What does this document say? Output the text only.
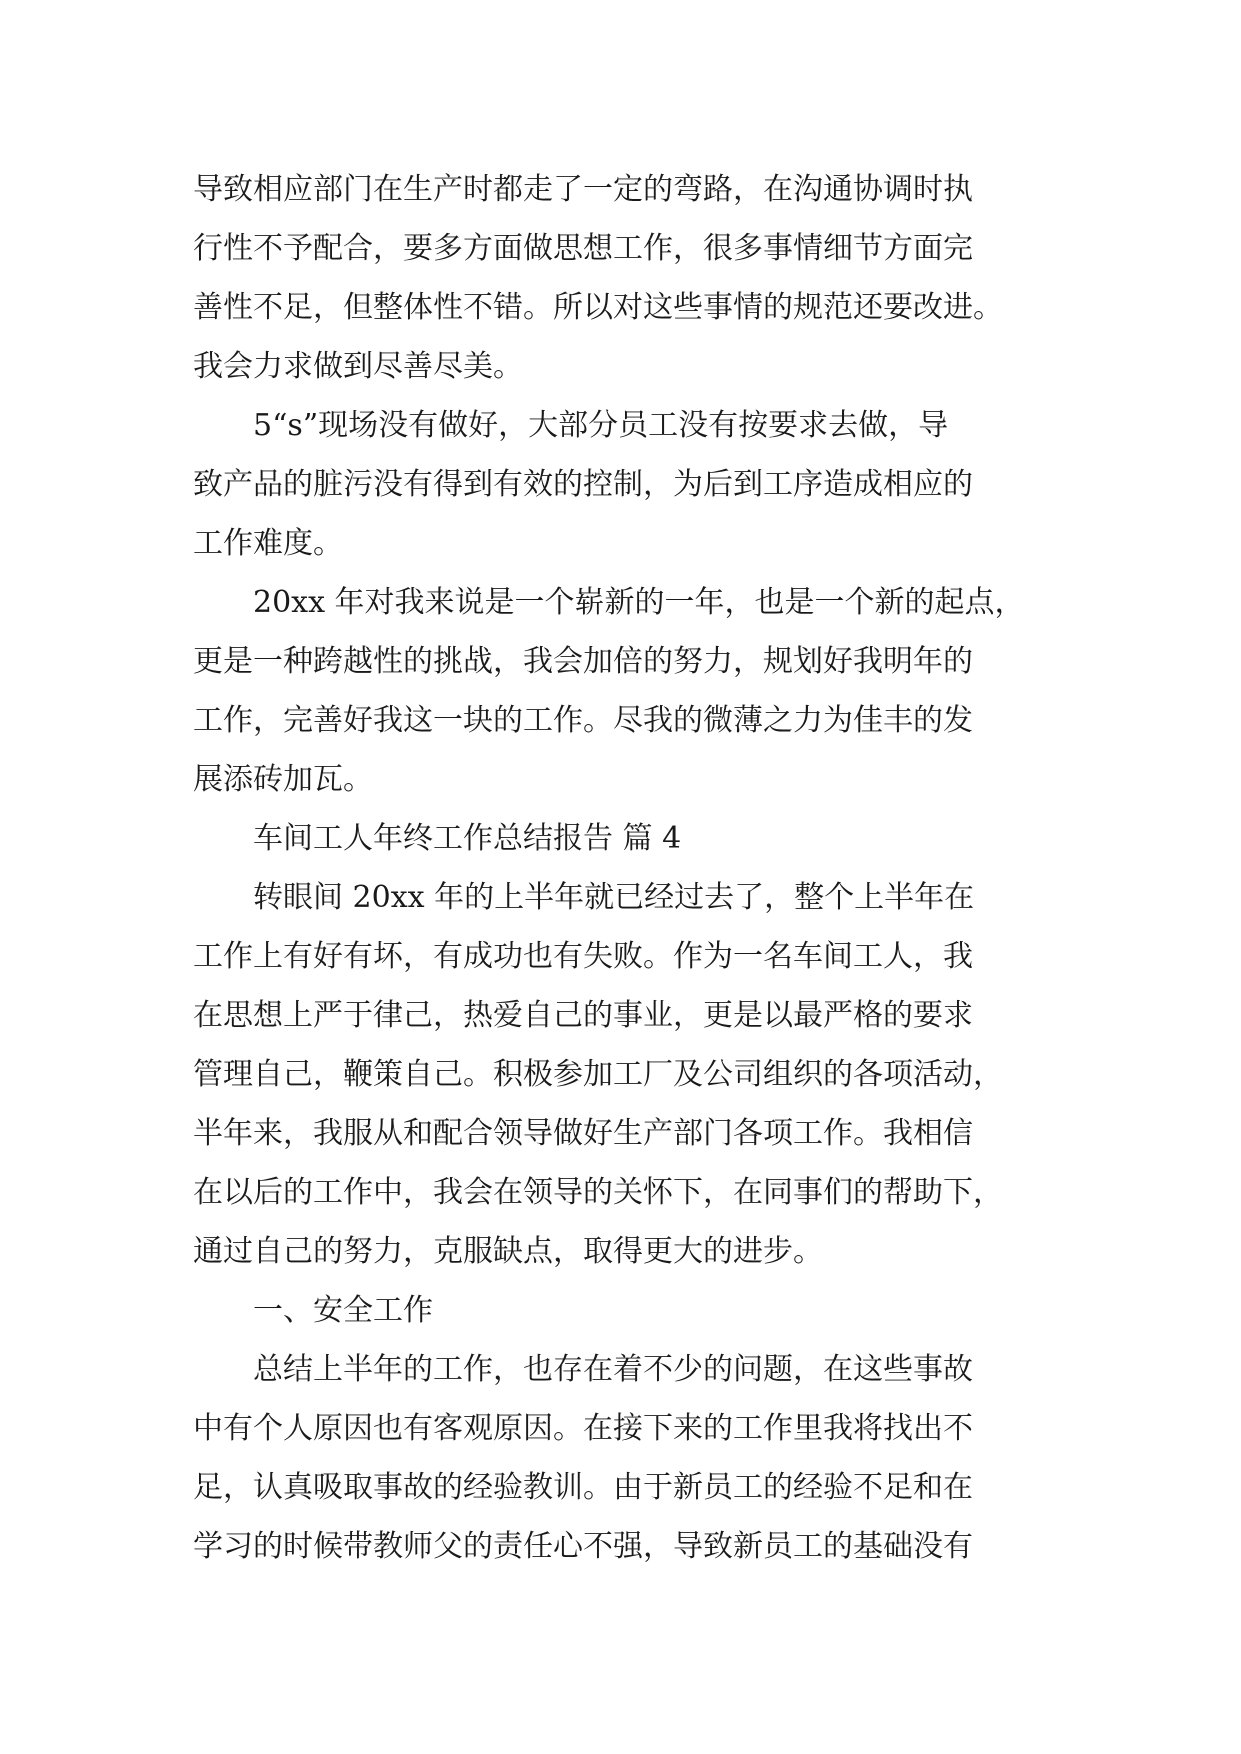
导致相应部门在生产时都走了一定的弯路，在沟通协调时执
行性不予配合，要多方面做思想工作，很多事情细节方面完
善性不足，但整体性不错。所以对这些事情的规范还要改进。
我会力求做到尽善尽美。
5“s”现场没有做好，大部分员工没有按要求去做，导
致产品的脏污没有得到有效的控制，为后到工序造成相应的
工作难度。
20xx 年对我来说是一个崭新的一年，也是一个新的起点，
更是一种跨越性的挑战，我会加倍的努力，规划好我明年的
工作，完善好我这一块的工作。尽我的微薄之力为佳丰的发
展添砖加瓦。
车间工人年终工作总结报告 篇 4
转眼间 20xx 年的上半年就已经过去了，整个上半年在
工作上有好有坏，有成功也有失败。作为一名车间工人，我
在思想上严于律己，热爱自己的事业，更是以最严格的要求
管理自己，鞭策自己。积极参加工厂及公司组织的各项活动，
半年来，我服从和配合领导做好生产部门各项工作。我相信
在以后的工作中，我会在领导的关怀下，在同事们的帮助下，
通过自己的努力，克服缺点，取得更大的进步。
一、安全工作
总结上半年的工作，也存在着不少的问题，在这些事故
中有个人原因也有客观原因。在接下来的工作里我将找出不
足，认真吸取事故的经验教训。由于新员工的经验不足和在
学习的时候带教师父的责任心不强，导致新员工的基础没有
